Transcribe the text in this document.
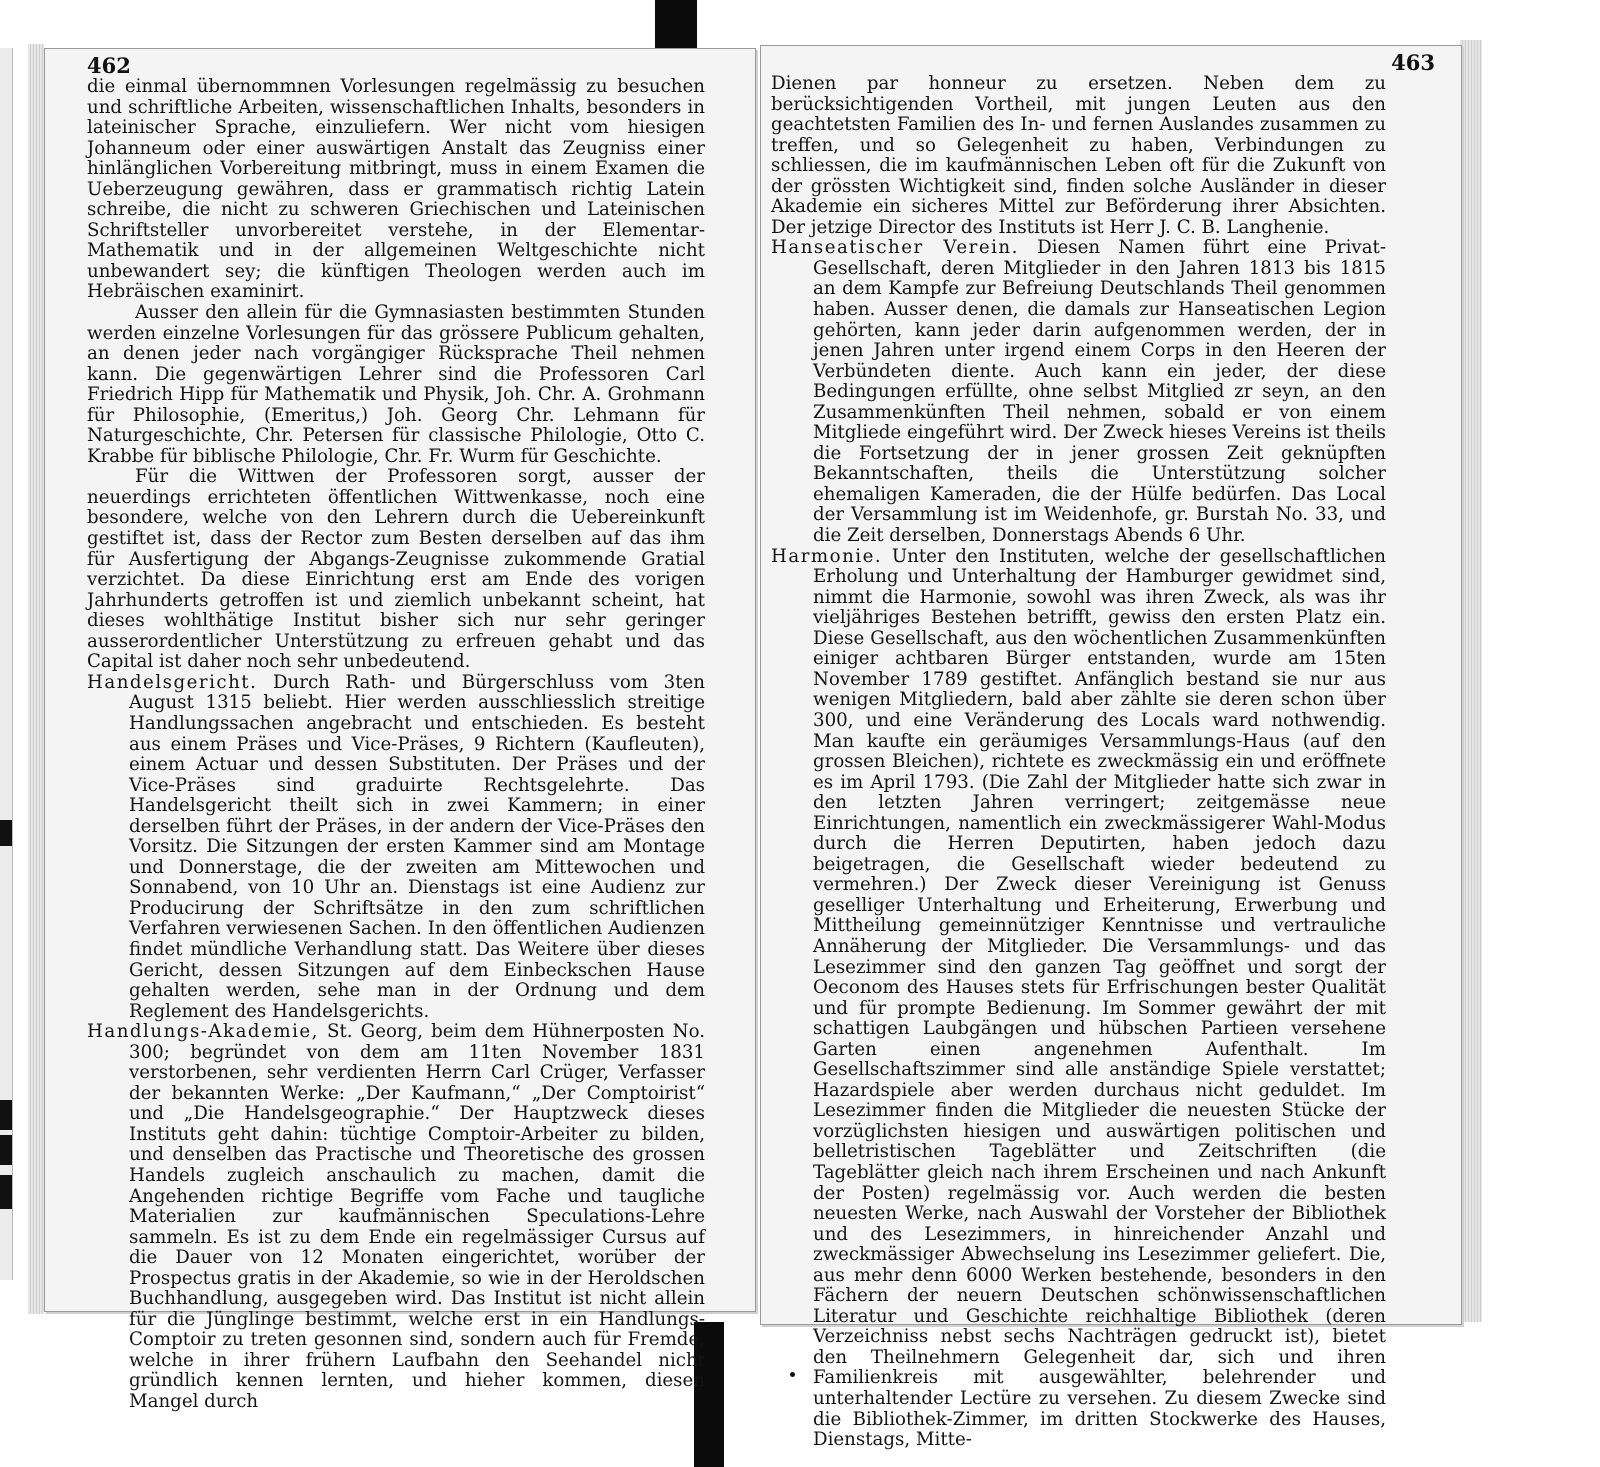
462

die einmal übernommnen Vorlesungen regelmässig zu besuchen und schriftliche Arbeiten, wissenschaftlichen Inhalts, besonders in lateinischer Sprache, einzuliefern. Wer nicht vom hiesigen Johanneum oder einer auswärtigen Anstalt das Zeugniss einer hinlänglichen Vorbereitung mitbringt, muss in einem Examen die Ueberzeugung gewähren, dass er grammatisch richtig Latein schreibe, die nicht zu schweren Griechischen und Lateinischen Schriftsteller unvorbereitet verstehe, in der Elementar-Mathematik und in der allgemeinen Weltgeschichte nicht unbewandert sey; die künftigen Theologen werden auch im Hebräischen examinirt.

Ausser den allein für die Gymnasiasten bestimmten Stunden werden einzelne Vorlesungen für das grössere Publicum gehalten, an denen jeder nach vorgängiger Rücksprache Theil nehmen kann. Die gegenwärtigen Lehrer sind die Professoren Carl Friedrich Hipp für Mathematik und Physik, Joh. Chr. A. Grohmann für Philosophie, (Emeritus,) Joh. Georg Chr. Lehmann für Naturgeschichte, Chr. Petersen für classische Philologie, Otto C. Krabbe für biblische Philologie, Chr. Fr. Wurm für Geschichte.

Für die Wittwen der Professoren sorgt, ausser der neuerdings errichteten öffentlichen Wittwenkasse, noch eine besondere, welche von den Lehrern durch die Uebereinkunft gestiftet ist, dass der Rector zum Besten derselben auf das ihm für Ausfertigung der Abgangs-Zeugnisse zukommende Gratial verzichtet. Da diese Einrichtung erst am Ende des vorigen Jahrhunderts getroffen ist und ziemlich unbekannt scheint, hat dieses wohlthätige Institut bisher sich nur sehr geringer ausserordentlicher Unterstützung zu erfreuen gehabt und das Capital ist daher noch sehr unbedeutend.

Handelsgericht. Durch Rath- und Bürgerschluss vom 3ten August 1315 beliebt. Hier werden ausschliesslich streitige Handlungssachen angebracht und entschieden. Es besteht aus einem Präses und Vice-Präses, 9 Richtern (Kaufleuten), einem Actuar und dessen Substituten. Der Präses und der Vice-Präses sind graduirte Rechtsgelehrte. Das Handelsgericht theilt sich in zwei Kammern; in einer derselben führt der Präses, in der andern der Vice-Präses den Vorsitz. Die Sitzungen der ersten Kammer sind am Montage und Donnerstage, die der zweiten am Mittewochen und Sonnabend, von 10 Uhr an. Dienstags ist eine Audienz zur Producirung der Schriftsätze in den zum schriftlichen Verfahren verwiesenen Sachen. In den öffentlichen Audienzen findet mündliche Verhandlung statt. Das Weitere über dieses Gericht, dessen Sitzungen auf dem Einbeckschen Hause gehalten werden, sehe man in der Ordnung und dem Reglement des Handelsgerichts.

Handlungs-Akademie, St. Georg, beim dem Hühnerposten No. 300; begründet von dem am 11ten November 1831 verstorbenen, sehr verdienten Herrn Carl Crüger, Verfasser der bekannten Werke: „Der Kaufmann,“ „Der Comptoirist“ und „Die Handelsgeographie.“ Der Hauptzweck dieses Instituts geht dahin: tüchtige Comptoir-Arbeiter zu bilden, und denselben das Practische und Theoretische des grossen Handels zugleich anschaulich zu machen, damit die Angehenden richtige Begriffe vom Fache und taugliche Materialien zur kaufmännischen Speculations-Lehre sammeln. Es ist zu dem Ende ein regelmässiger Cursus auf die Dauer von 12 Monaten eingerichtet, worüber der Prospectus gratis in der Akademie, so wie in der Heroldschen Buchhandlung, ausgegeben wird. Das Institut ist nicht allein für die Jünglinge bestimmt, welche erst in ein Handlungs-Comptoir zu treten gesonnen sind, sondern auch für Fremde, welche in ihrer frühern Laufbahn den Seehandel nicht gründlich kennen lernten, und hieher kommen, diesen Mangel durch

463

Dienen par honneur zu ersetzen. Neben dem zu berücksichtigenden Vortheil, mit jungen Leuten aus den geachtetsten Familien des In- und fernen Auslandes zusammen zu treffen, und so Gelegenheit zu haben, Verbindungen zu schliessen, die im kaufmännischen Leben oft für die Zukunft von der grössten Wichtigkeit sind, finden solche Ausländer in dieser Akademie ein sicheres Mittel zur Beförderung ihrer Absichten. Der jetzige Director des Instituts ist Herr J. C. B. Langhenie.

Hanseatischer Verein. Diesen Namen führt eine Privat-Gesellschaft, deren Mitglieder in den Jahren 1813 bis 1815 an dem Kampfe zur Befreiung Deutschlands Theil genommen haben. Ausser denen, die damals zur Hanseatischen Legion gehörten, kann jeder darin aufgenommen werden, der in jenen Jahren unter irgend einem Corps in den Heeren der Verbündeten diente. Auch kann ein jeder, der diese Bedingungen erfüllte, ohne selbst Mitglied zr seyn, an den Zusammenkünften Theil nehmen, sobald er von einem Mitgliede eingeführt wird. Der Zweck hieses Vereins ist theils die Fortsetzung der in jener grossen Zeit geknüpften Bekanntschaften, theils die Unterstützung solcher ehemaligen Kameraden, die der Hülfe bedürfen. Das Local der Versammlung ist im Weidenhofe, gr. Burstah No. 33, und die Zeit derselben, Donnerstags Abends 6 Uhr.

Harmonie. Unter den Instituten, welche der gesellschaftlichen Erholung und Unterhaltung der Hamburger gewidmet sind, nimmt die Harmonie, sowohl was ihren Zweck, als was ihr vieljähriges Bestehen betrifft, gewiss den ersten Platz ein. Diese Gesellschaft, aus den wöchentlichen Zusammenkünften einiger achtbaren Bürger entstanden, wurde am 15ten November 1789 gestiftet. Anfänglich bestand sie nur aus wenigen Mitgliedern, bald aber zählte sie deren schon über 300, und eine Veränderung des Locals ward nothwendig. Man kaufte ein geräumiges Versammlungs-Haus (auf den grossen Bleichen), richtete es zweckmässig ein und eröffnete es im April 1793. (Die Zahl der Mitglieder hatte sich zwar in den letzten Jahren verringert; zeitgemässe neue Einrichtungen, namentlich ein zweckmässigerer Wahl-Modus durch die Herren Deputirten, haben jedoch dazu beigetragen, die Gesellschaft wieder bedeutend zu vermehren.) Der Zweck dieser Vereinigung ist Genuss geselliger Unterhaltung und Erheiterung, Erwerbung und Mittheilung gemeinnütziger Kenntnisse und vertrauliche Annäherung der Mitglieder. Die Versammlungs- und das Lesezimmer sind den ganzen Tag geöffnet und sorgt der Oeconom des Hauses stets für Erfrischungen bester Qualität und für prompte Bedienung. Im Sommer gewährt der mit schattigen Laubgängen und hübschen Partieen versehene Garten einen angenehmen Aufenthalt. Im Gesellschaftszimmer sind alle anständige Spiele verstattet; Hazardspiele aber werden durchaus nicht geduldet. Im Lesezimmer finden die Mitglieder die neuesten Stücke der vorzüglichsten hiesigen und auswärtigen politischen und belletristischen Tageblätter und Zeitschriften (die Tageblätter gleich nach ihrem Erscheinen und nach Ankunft der Posten) regelmässig vor. Auch werden die besten neuesten Werke, nach Auswahl der Vorsteher der Bibliothek und des Lesezimmers, in hinreichender Anzahl und zweckmässiger Abwechselung ins Lesezimmer geliefert. Die, aus mehr denn 6000 Werken bestehende, besonders in den Fächern der neuern Deutschen schönwissenschaftlichen Literatur und Geschichte reichhaltige Bibliothek (deren Verzeichniss nebst sechs Nachträgen gedruckt ist), bietet den Theilnehmern Gelegenheit dar, sich und ihren Familienkreis mit ausgewählter, belehrender und unterhaltender Lectüre zu versehen. Zu diesem Zwecke sind die Bibliothek-Zimmer, im dritten Stockwerke des Hauses, Dienstags, Mitte-
